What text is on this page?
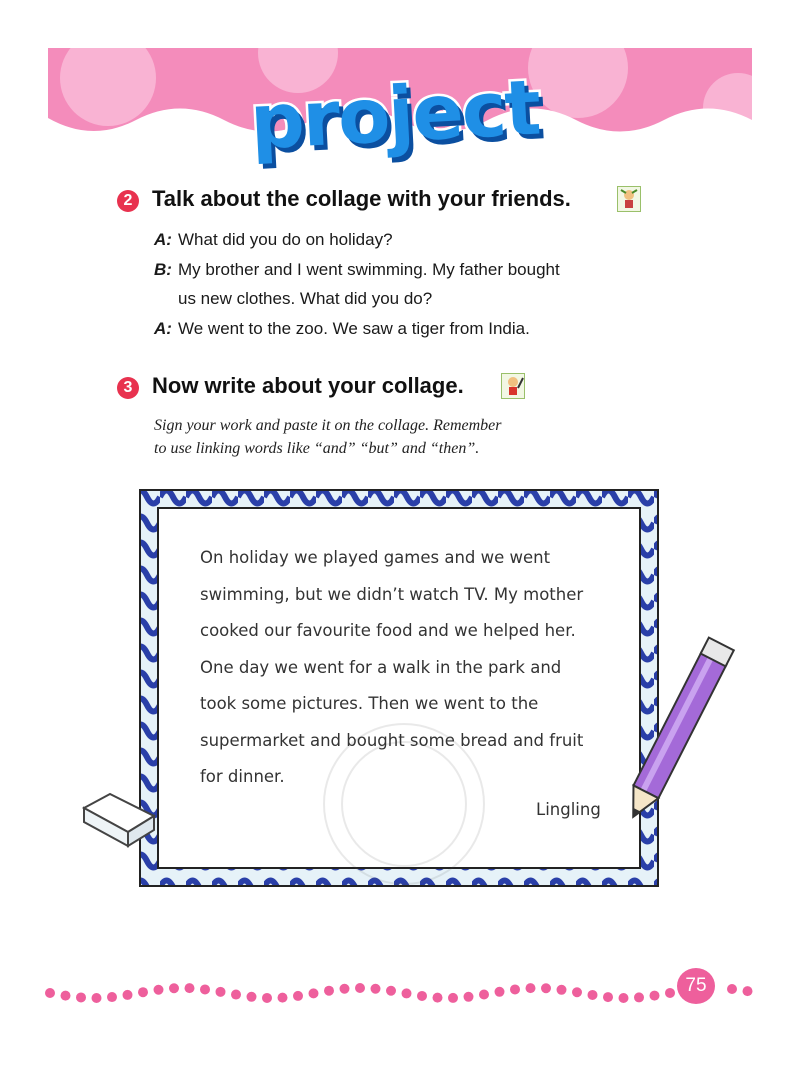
project
2 Talk about the collage with your friends.
A: What did you do on holiday?
B: My brother and I went swimming. My father bought
us new clothes. What did you do?
A: We went to the zoo. We saw a tiger from India.
3 Now write about your collage.
Sign your work and paste it on the collage. Remember
to use linking words like “and” “but” and “then”.
On holiday we played games and we went
swimming, but we didn’t watch TV. My mother
cooked our favourite food and we helped her.
One day we went for a walk in the park and
took some pictures. Then we went to the
supermarket and bought some bread and fruit
for dinner.
Lingling
75
